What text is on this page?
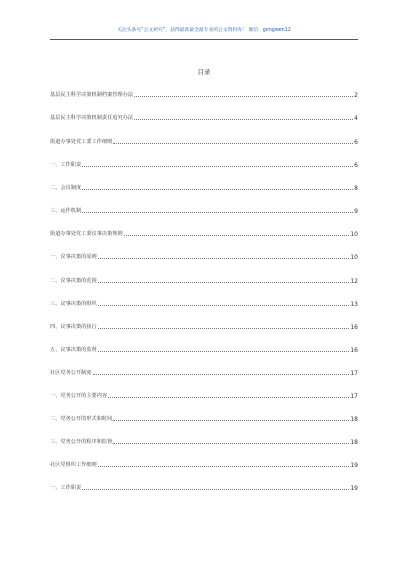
关注头条号“公文研究”，获得最新最全最专业的公文资料库！ 微信：gongwen12
目录
基层民主科学决策机制档案管理办法	2
基层民主科学决策机制责任追究办法	4
街道办事处党工委工作细则	6
一、工作职责	6
二、会议制度	8
三、运作机制	9
街道办事处党工委议事决策规则	10
一、议事决策的原则	10
二、议事决策的范围	12
三、议事决策的组织	13
四、议事决策的执行	16
五、议事决策的监督	16
社区党务公开制度	17
一、党务公开的主要内容	17
二、党务公开的形式和时间	18
三、党务公开的程序和监督	18
社区党组织工作细则	19
一、工作职责	19
